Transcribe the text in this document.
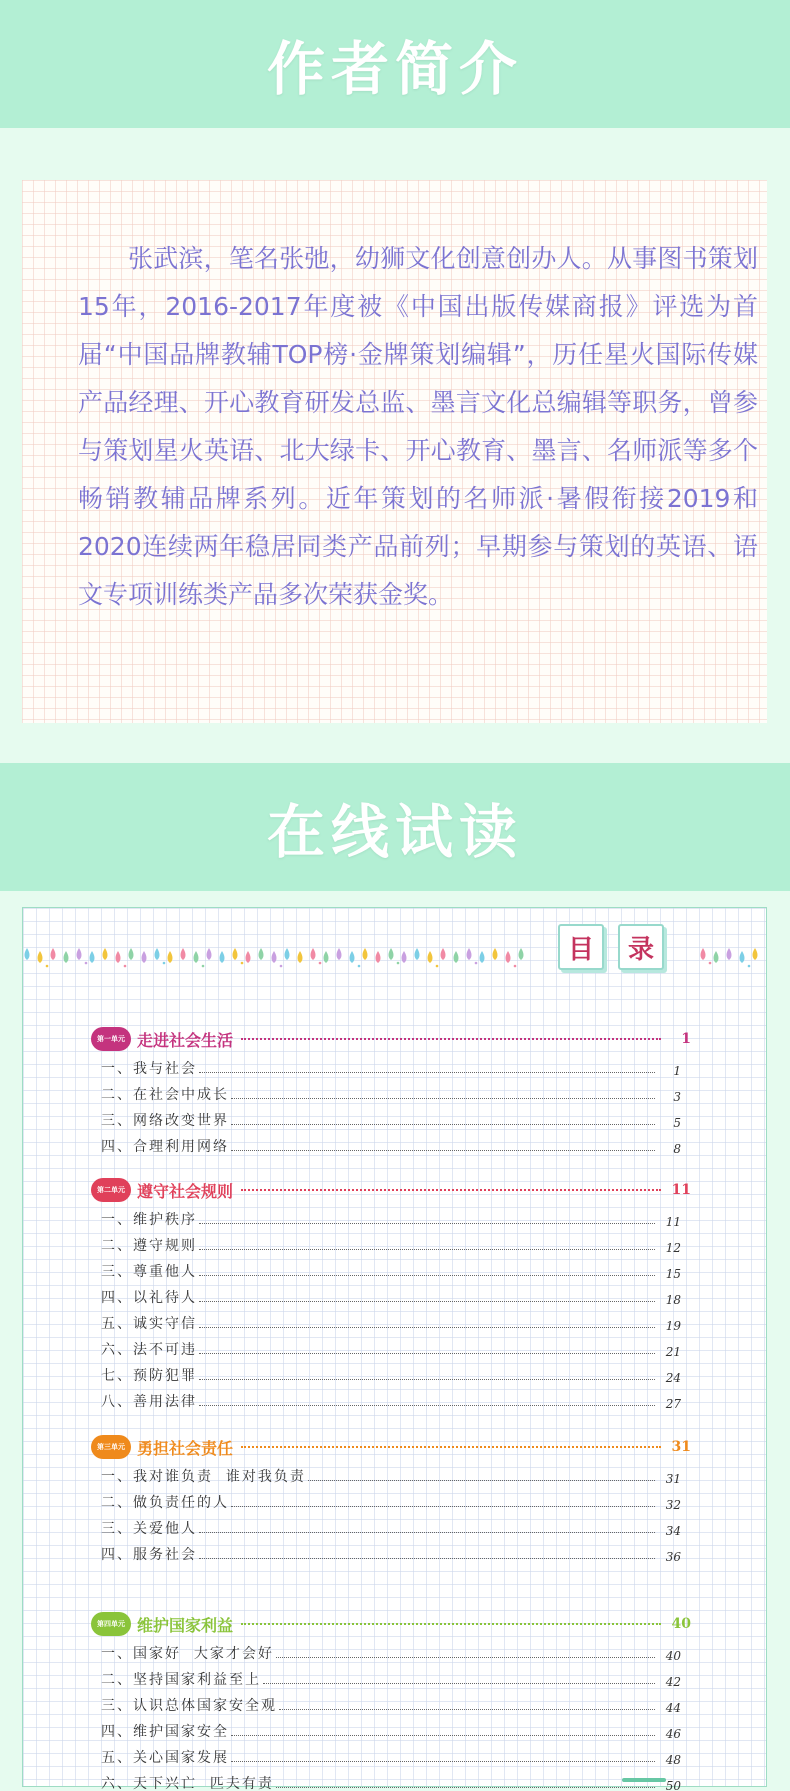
作者简介

张武滨，笔名张弛，幼狮文化创意创办人。从事图书策划15年，2016-2017年度被《中国出版传媒商报》评选为首届“中国品牌教辅TOP榜·金牌策划编辑”，历任星火国际传媒产品经理、开心教育研发总监、墨言文化总编辑等职务，曾参与策划星火英语、北大绿卡、开心教育、墨言、名师派等多个畅销教辅品牌系列。近年策划的名师派·暑假衔接2019和2020连续两年稳居同类产品前列；早期参与策划的英语、语文专项训练类产品多次荣获金奖。

在线试读
目 录
第一单元 走进社会生活	1
一、我与社会	1
二、在社会中成长	3
三、网络改变世界	5
四、合理利用网络	8
第二单元 遵守社会规则	11
一、维护秩序	11
二、遵守规则	12
三、尊重他人	15
四、以礼待人	18
五、诚实守信	19
六、法不可违	21
七、预防犯罪	24
八、善用法律	27
第三单元 勇担社会责任	31
一、我对谁负责  谁对我负责	31
二、做负责任的人	32
三、关爱他人	34
四、服务社会	36
第四单元 维护国家利益	40
一、国家好  大家才会好	40
二、坚持国家利益至上	42
三、认识总体国家安全观	44
四、维护国家安全	46
五、关心国家发展	48
六、天下兴亡  匹夫有责	50
